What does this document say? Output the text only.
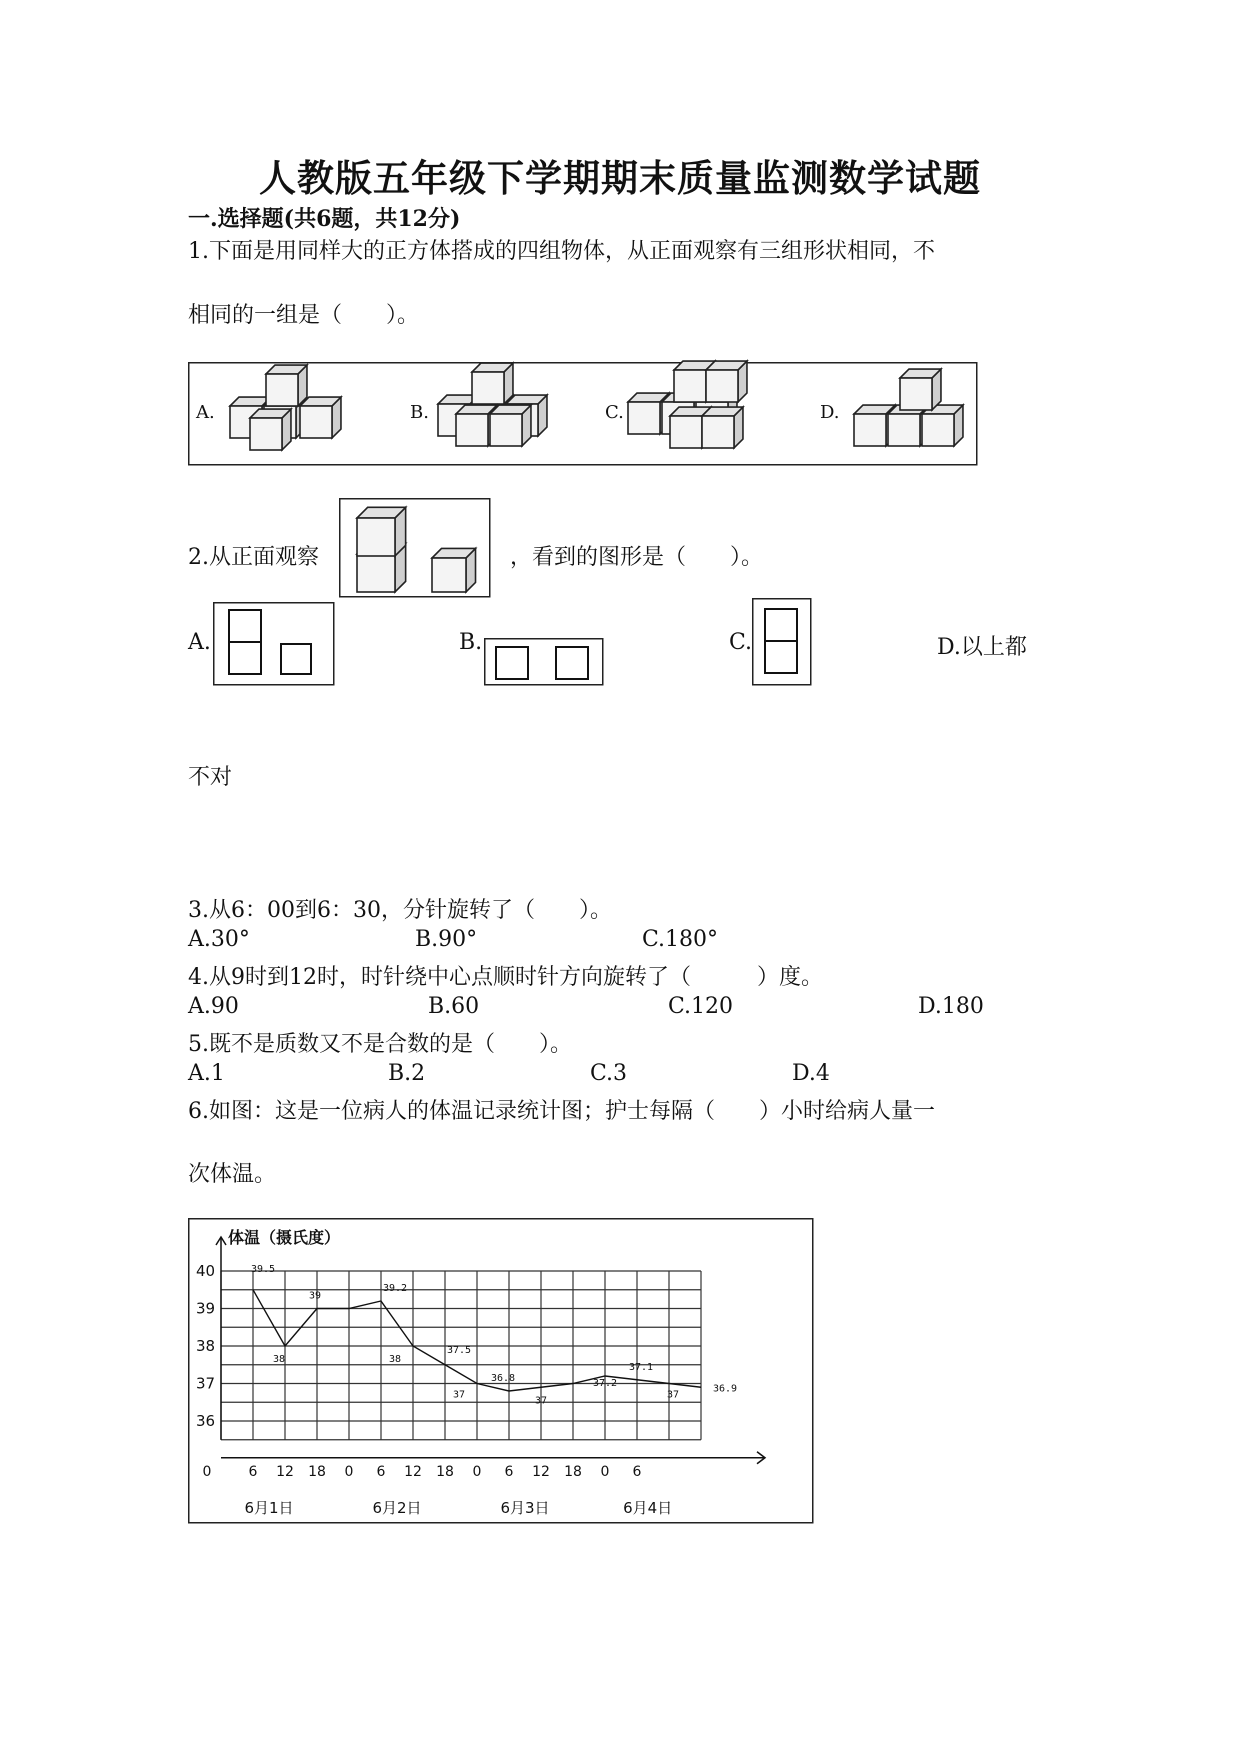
人教版五年级下学期期末质量监测数学试题
一.选择题(共6题，共12分)
1.下面是用同样大的正方体搭成的四组物体，从正面观察有三组形状相同，不
相同的一组是（　　）。
A.	B.	C.	D.
2.从正面观察	，看到的图形是（　　）。
A.	B.	C.	D.以上都
不对
3.从6：00到6：30，分针旋转了（　　）。
A.30°	B.90°	C.180°
4.从9时到12时，时针绕中心点顺时针方向旋转了（　　　）度。
A.90	B.60	C.120	D.180
5.既不是质数又不是合数的是（　　）。
A.1	B.2	C.3	D.4
6.如图：这是一位病人的体温记录统计图；护士每隔（　　）小时给病人量一
次体温。
体温（摄氏度）
36
37
38
39
40
0	6 12 18 0 6 12 18 0 6 12 18 0 6
6月1日	6月2日	6月3日	6月4日
39.5
38
39
39.2
38
37.5
37
36.8
37
37.2
37.1
37
36.9
